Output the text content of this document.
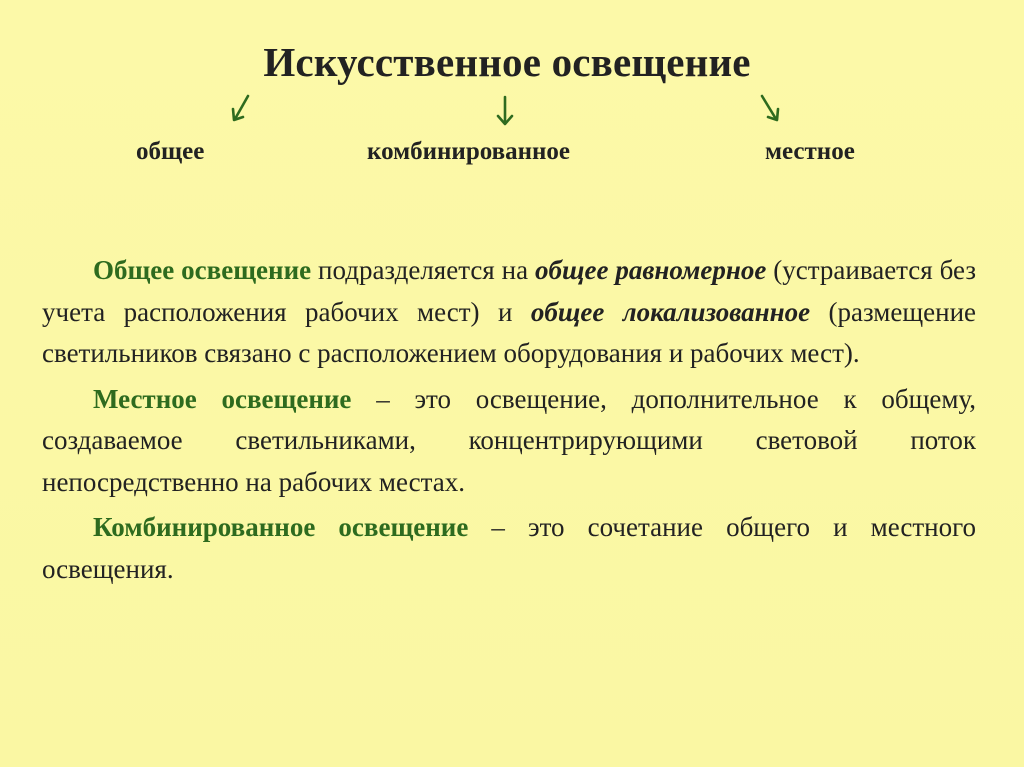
Искусственное освещение
общее	комбинированное	местное

Общее освещение подразделяется на общее равномерное (устраивается без учета расположения рабочих мест) и общее локализованное (размещение светильников связано с расположением оборудования и рабочих мест).

Местное освещение – это освещение, дополнительное к общему, создаваемое светильниками, концентрирующими световой поток непосредственно на рабочих местах.

Комбинированное освещение – это сочетание общего и местного освещения.
